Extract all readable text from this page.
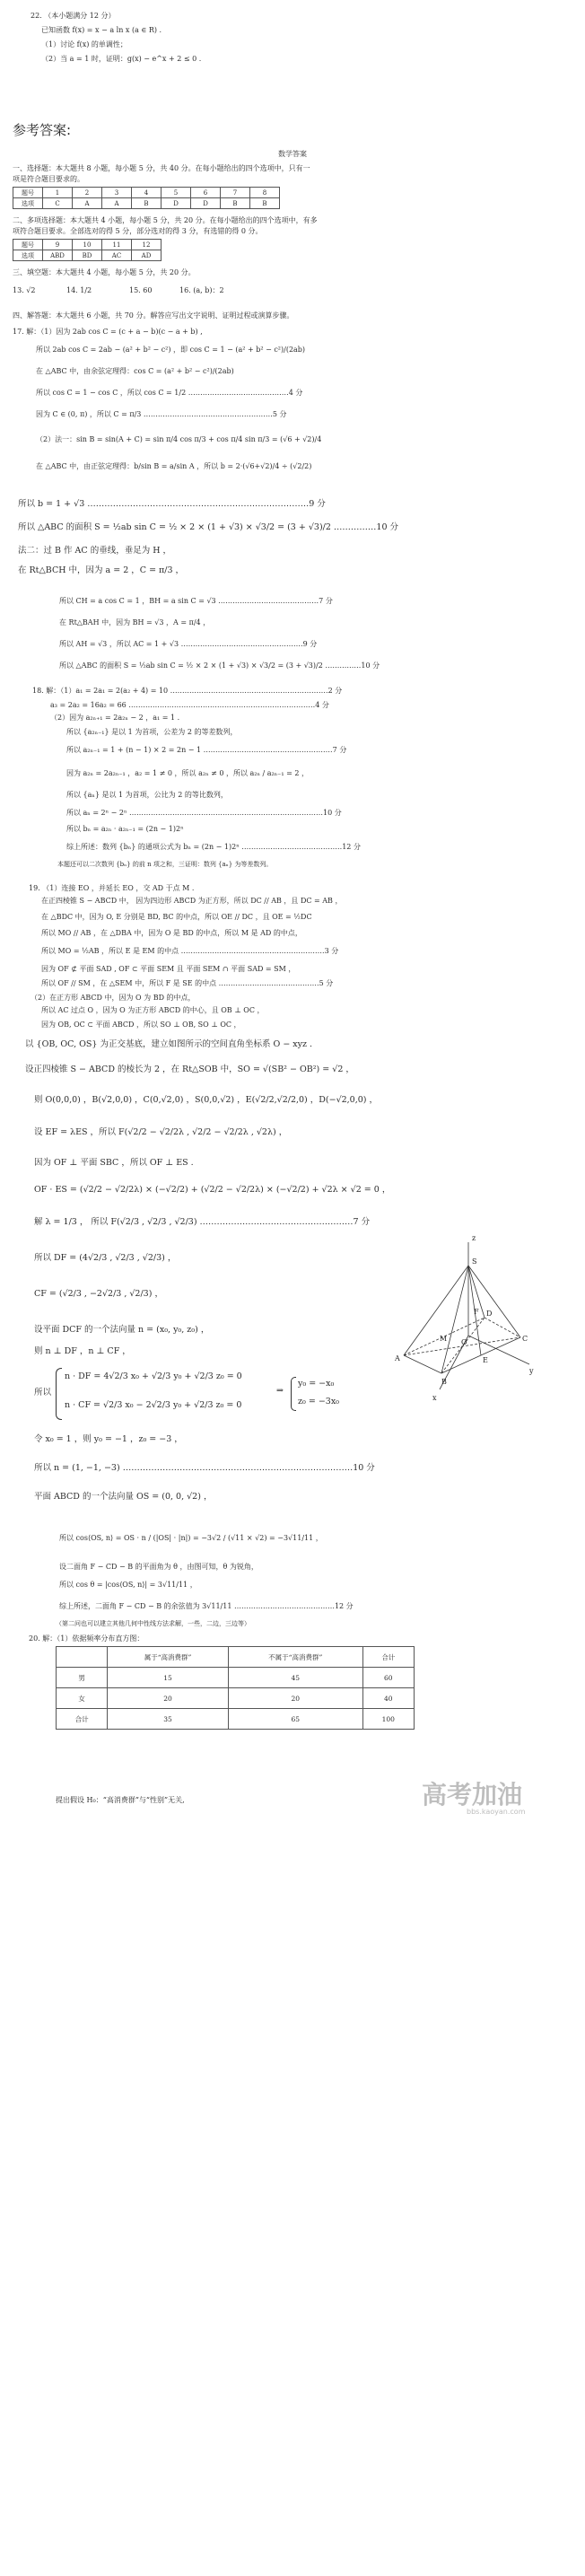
22. （本小题满分 12 分）
已知函数 f(x) = x − a ln x (a ∈ R) .
（1）讨论 f(x) 的单调性；
（2）当 a = 1 时，证明：g(x) − e^x + 2 ≤ 0 .
参考答案:
数学答案
一、选择题：本大题共 8 小题，每小题 5 分，共 40 分。在每小题给出的四个选项中，只有一
项是符合题目要求的。
题号	1	2	3	4	5	6	7	8
选项	C	A	A	B	D	D	B	B
二、多项选择题：本大题共 4 小题，每小题 5 分，共 20 分。在每小题给出的四个选项中，有多
项符合题目要求。全部选对的得 5 分，部分选对的得 3 分，有选错的得 0 分。
题号	9	10	11	12
选项	ABD	BD	AC	AD
三、填空题：本大题共 4 小题，每小题 5 分，共 20 分。
13. √2	14. 1/2	15. 60	16. (a, b)：2
四、解答题：本大题共 6 小题，共 70 分。解答应写出文字说明、证明过程或演算步骤。
17. 解：（1）因为 2ab cos C = (c + a − b)(c − a + b) ,
所以 2ab cos C = 2ab − (a² + b² − c²) ，即 cos C = 1 − (a² + b² − c²)/(2ab)
在 △ABC 中，由余弦定理得：cos C = (a² + b² − c²)/(2ab)
所以 cos C = 1 − cos C ，所以 cos C = 1/2 ……………………………………4 分
因为 C ∈ (0, π) ，所以 C = π/3 ………………………………………………5 分
（2）法一：sin B = sin(A + C) = sin π/4 cos π/3 + cos π/4 sin π/3 = (√6 + √2)/4
在 △ABC 中，由正弦定理得：b/sin B = a/sin A ，所以 b = 2·(√6+√2)/4 ÷ (√2/2)
所以 b = 1 + √3 ……………………………………………………………………9 分
所以 △ABC 的面积 S = ½ab sin C = ½ × 2 × (1 + √3) × √3/2 = (3 + √3)/2 ……………10 分
法二：过 B 作 AC 的垂线，垂足为 H ，
在 Rt△BCH 中，因为 a = 2 ，C = π/3 ，
所以 CH = a cos C = 1 ，BH = a sin C = √3 ……………………………………7 分
在 Rt△BAH 中，因为 BH = √3 ，A = π/4 ，
所以 AH = √3 ，所以 AC = 1 + √3 ……………………………………………9 分
所以 △ABC 的面积 S = ½ab sin C = ½ × 2 × (1 + √3) × √3/2 = (3 + √3)/2 ……………10 分
18. 解：（1）a₁ = 2a₁ = 2(a₂ + 4) = 10 …………………………………………………………2 分
a₃ = 2a₂ = 16a₂ = 66 ……………………………………………………………………4 分
（2）因为 a₂ₙ₊₁ = 2a₂ₙ − 2 ，a₁ = 1 .
所以 {a₂ₙ₋₁} 是以 1 为首项，公差为 2 的等差数列，
所以 a₂ₙ₋₁ = 1 + (n − 1) × 2 = 2n − 1 ………………………………………………7 分
因为 a₂ₙ = 2a₂ₙ₋₁ ，a₂ = 1 ≠ 0 ，所以 a₂ₙ ≠ 0 ，所以 a₂ₙ / a₂ₙ₋₁ = 2 ，
所以 {aₙ} 是以 1 为首项，公比为 2 的等比数列，
所以 aₙ = 2ⁿ − 2ⁿ ………………………………………………………………………10 分
所以 bₙ = a₂ₙ · a₂ₙ₋₁ = (2n − 1)2ⁿ
综上所述：数列 {bₙ} 的通项公式为 bₙ = (2n − 1)2ⁿ ……………………………………12 分
本题还可以二次数列 {bₙ} 的前 n 项之和，三证明：数列 {aₙ} 为等差数列。
19. （1）连接 EO ，并延长 EO ，交 AD 于点 M .
在正四棱锥 S − ABCD 中， 因为四边形 ABCD 为正方形，所以 DC // AB ，且 DC = AB ，
在 △BDC 中，因为 O, E 分别是 BD, BC 的中点，所以 OE // DC ，且 OE = ½DC
所以 MO // AB ，在 △DBA 中，因为 O 是 BD 的中点，所以 M 是 AD 的中点，
所以 MO = ½AB ，所以 E 是 EM 的中点 ……………………………………………………3 分
因为 OF ⊄ 平面 SAD , OF ⊂ 平面 SEM 且 平面 SEM ∩ 平面 SAD = SM ，
所以 OF // SM ，在 △SEM 中，所以 F 是 SE 的中点 ……………………………………5 分
（2）在正方形 ABCD 中，因为 O 为 BD 的中点，
所以 AC 过点 O ，因为 O 为正方形 ABCD 的中心，且 OB ⊥ OC ，
因为 OB, OC ⊂ 平面 ABCD ，所以 SO ⊥ OB, SO ⊥ OC ，
以 {OB, OC, OS} 为正交基底，建立如图所示的空间直角坐标系 O − xyz .
设正四棱锥 S − ABCD 的棱长为 2 ，在 Rt△SOB 中，SO = √(SB² − OB²) = √2 ，
则 O(0,0,0) ，B(√2,0,0) ，C(0,√2,0) ，S(0,0,√2) ，E(√2/2,√2/2,0) ，D(−√2,0,0) ，
设 EF = λES ，所以 F(√2/2 − √2/2λ , √2/2 − √2/2λ , √2λ) ，
因为 OF ⊥ 平面 SBC ，所以 OF ⊥ ES .
OF · ES = (√2/2 − √2/2λ) × (−√2/2) + (√2/2 − √2/2λ) × (−√2/2) + √2λ × √2 = 0 ，
解 λ = 1/3 ， 所以 F(√2/3 , √2/3 , √2/3) ………………………………………………7 分
所以 DF = (4√2/3 , √2/3 , √2/3) ，
CF = (√2/3 , −2√2/3 , √2/3) ，
设平面 DCF 的一个法向量 n = (x₀, y₀, z₀) ，
则 n ⊥ DF ，n ⊥ CF ，
z
S
F
x
y
A
B
C
D
O
E
M
所以
n · DF = 4√2/3 x₀ + √2/3 y₀ + √2/3 z₀ = 0
n · CF = √2/3 x₀ − 2√2/3 y₀ + √2/3 z₀ = 0
⇒
y₀ = −x₀
z₀ = −3x₀
令 x₀ = 1 ，则 y₀ = −1 ，z₀ = −3 ，
所以 n = (1, −1, −3) ………………………………………………………………………10 分
平面 ABCD 的一个法向量 OS = (0, 0, √2) ，
所以 cos⟨OS, n⟩ = OS · n / (|OS| · |n|) = −3√2 / (√11 × √2) = −3√11/11 ，
设二面角 F − CD − B 的平面角为 θ ，由图可知，θ 为锐角，
所以 cos θ = |cos⟨OS, n⟩| = 3√11/11 ，
综上所述，二面角 F − CD − B 的余弦值为 3√11/11 ……………………………………12 分
（第二问也可以建立其他几何中性线方法求解，一些，二边，三边等）
20. 解：（1）依据频率分布直方图：
	属于“高消费群”	不属于“高消费群”	合计
男	15	45	60
女	20	20	40
合计	35	65	100
提出假设 H₀：“高消费群”与“性别”无关,	高考加油
bbs.kaoyan.com
